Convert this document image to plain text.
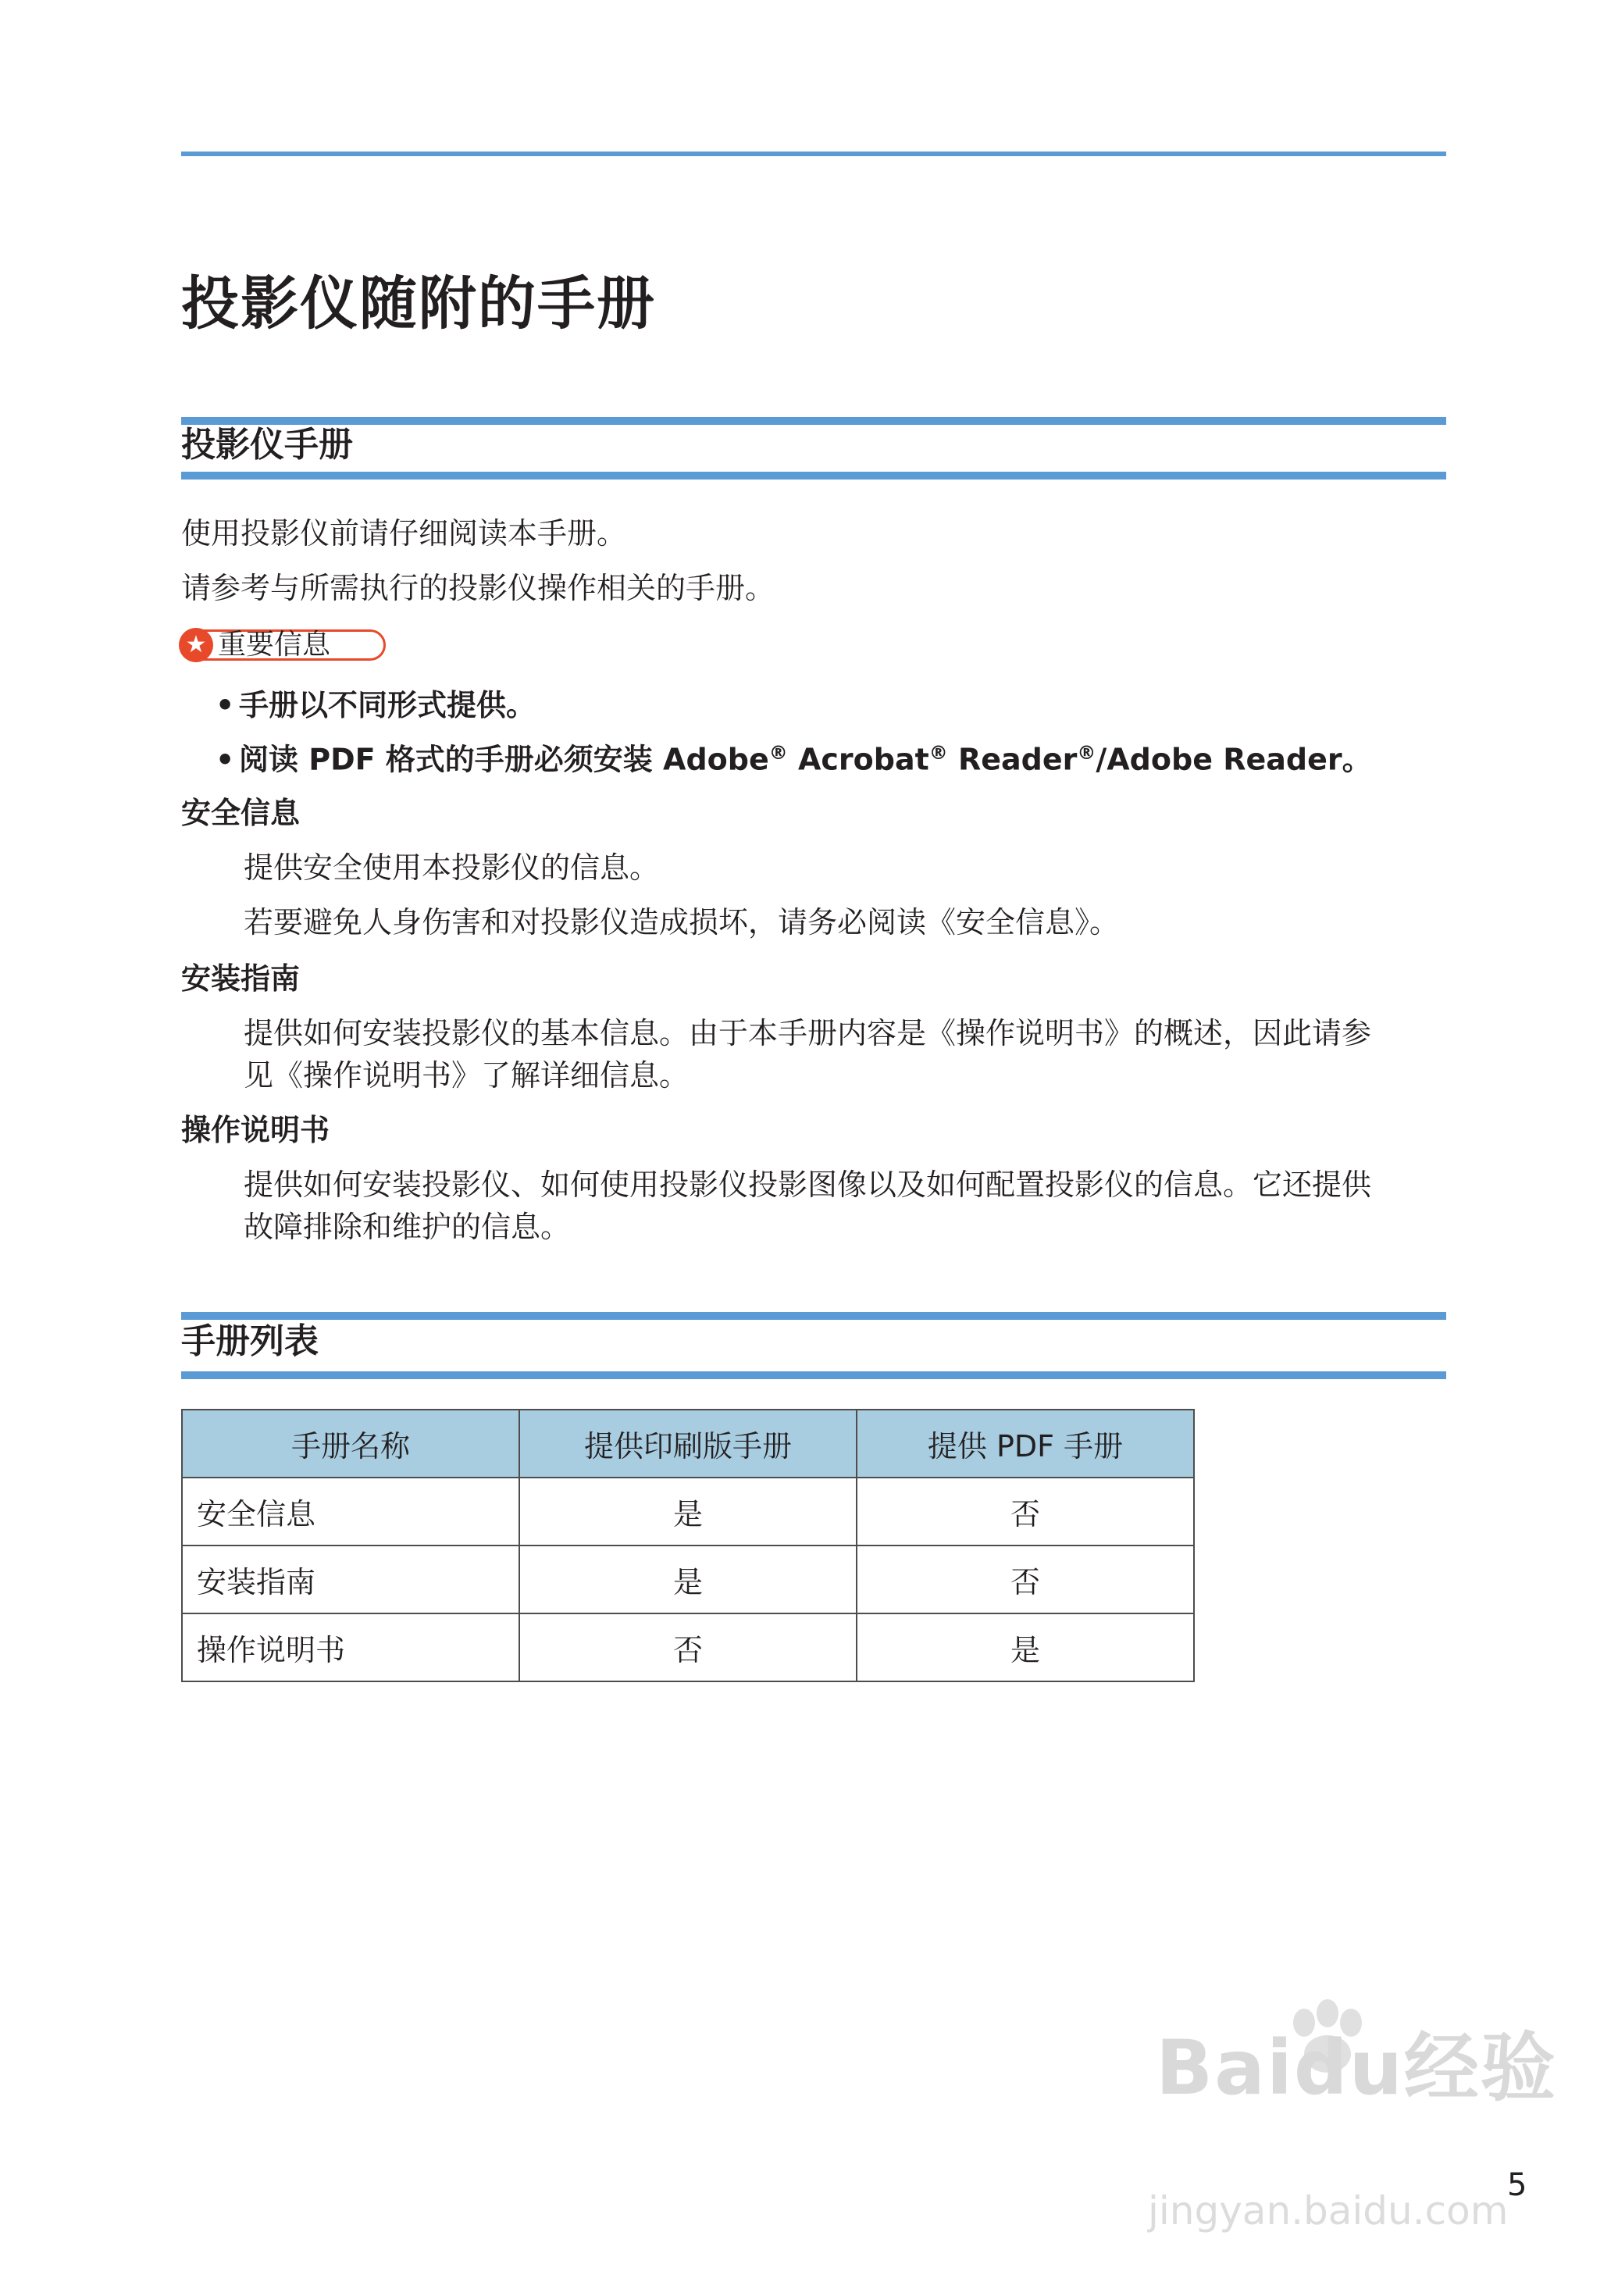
投影仪随附的手册
投影仪手册
使用投影仪前请仔细阅读本手册。
请参考与所需执行的投影仪操作相关的手册。
★ 重要信息
• 手册以不同形式提供。
• 阅读 PDF 格式的手册必须安装 Adobe® Acrobat® Reader®/Adobe Reader。
安全信息
提供安全使用本投影仪的信息。
若要避免人身伤害和对投影仪造成损坏，请务必阅读《安全信息》。
安装指南
提供如何安装投影仪的基本信息。由于本手册内容是《操作说明书》的概述，因此请参
见《操作说明书》了解详细信息。
操作说明书
提供如何安装投影仪、如何使用投影仪投影图像以及如何配置投影仪的信息。它还提供
故障排除和维护的信息。
手册列表
手册名称	提供印刷版手册	提供 PDF 手册
安全信息	是	否
安装指南	是	否
操作说明书	否	是
Baidu经验
jingyan.baidu.com
5
